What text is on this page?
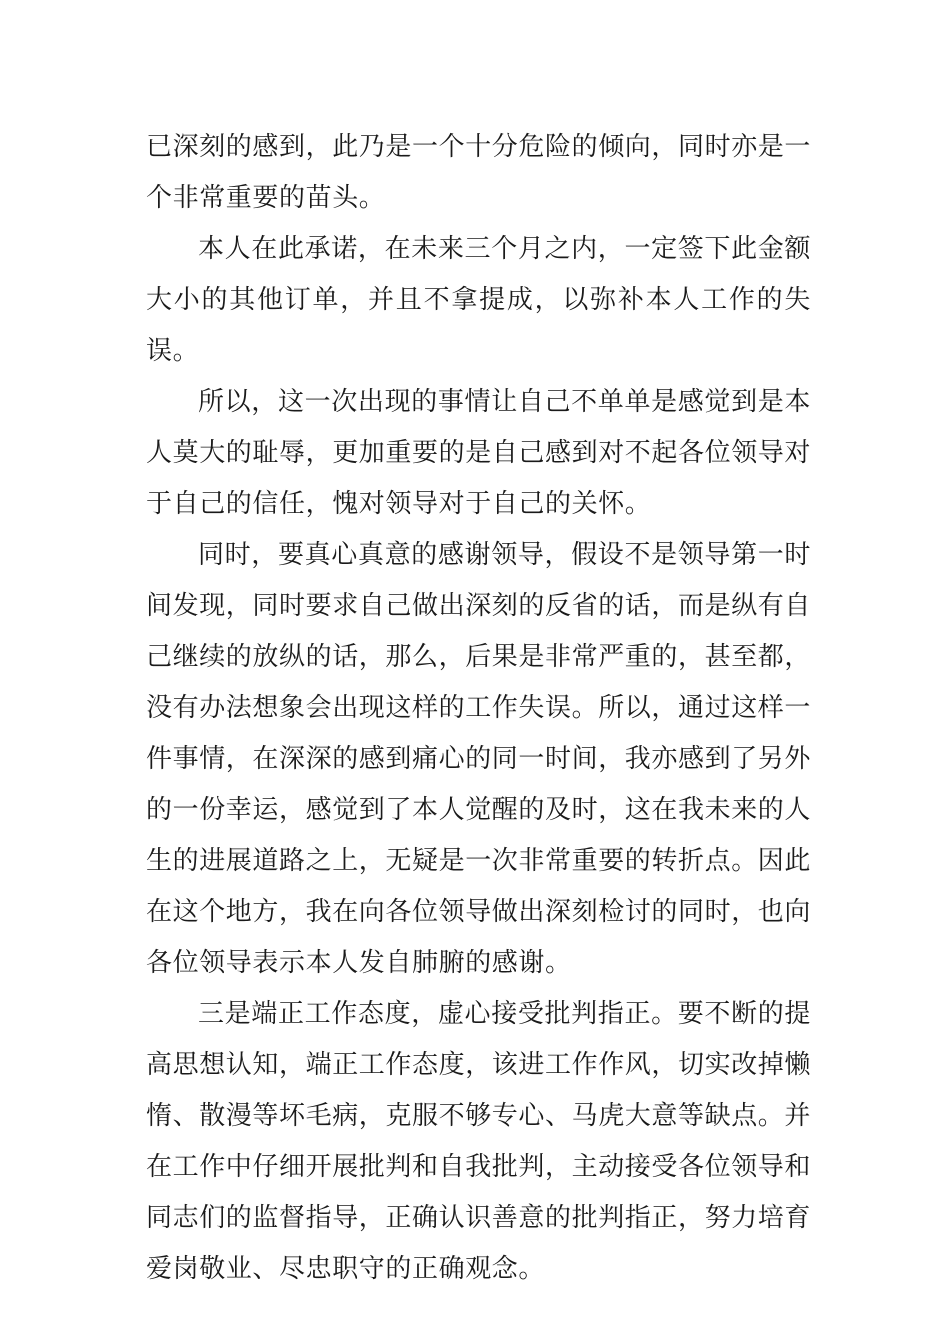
已深刻的感到，此乃是一个十分危险的倾向，同时亦是一个非常重要的苗头。

本人在此承诺，在未来三个月之内，一定签下此金额大小的其他订单，并且不拿提成，以弥补本人工作的失误。

所以，这一次出现的事情让自己不单单是感觉到是本人莫大的耻辱，更加重要的是自己感到对不起各位领导对于自己的信任，愧对领导对于自己的关怀。

同时，要真心真意的感谢领导，假设不是领导第一时间发现，同时要求自己做出深刻的反省的话，而是纵有自己继续的放纵的话，那么，后果是非常严重的，甚至都，没有办法想象会出现这样的工作失误。所以，通过这样一件事情，在深深的感到痛心的同一时间，我亦感到了另外的一份幸运，感觉到了本人觉醒的及时，这在我未来的人生的进展道路之上，无疑是一次非常重要的转折点。因此在这个地方，我在向各位领导做出深刻检讨的同时，也向各位领导表示本人发自肺腑的感谢。

三是端正工作态度，虚心接受批判指正。要不断的提高思想认知，端正工作态度，该进工作作风，切实改掉懒惰、散漫等坏毛病，克服不够专心、马虎大意等缺点。并在工作中仔细开展批判和自我批判，主动接受各位领导和同志们的监督指导，正确认识善意的批判指正，努力培育爱岗敬业、尽忠职守的正确观念。
